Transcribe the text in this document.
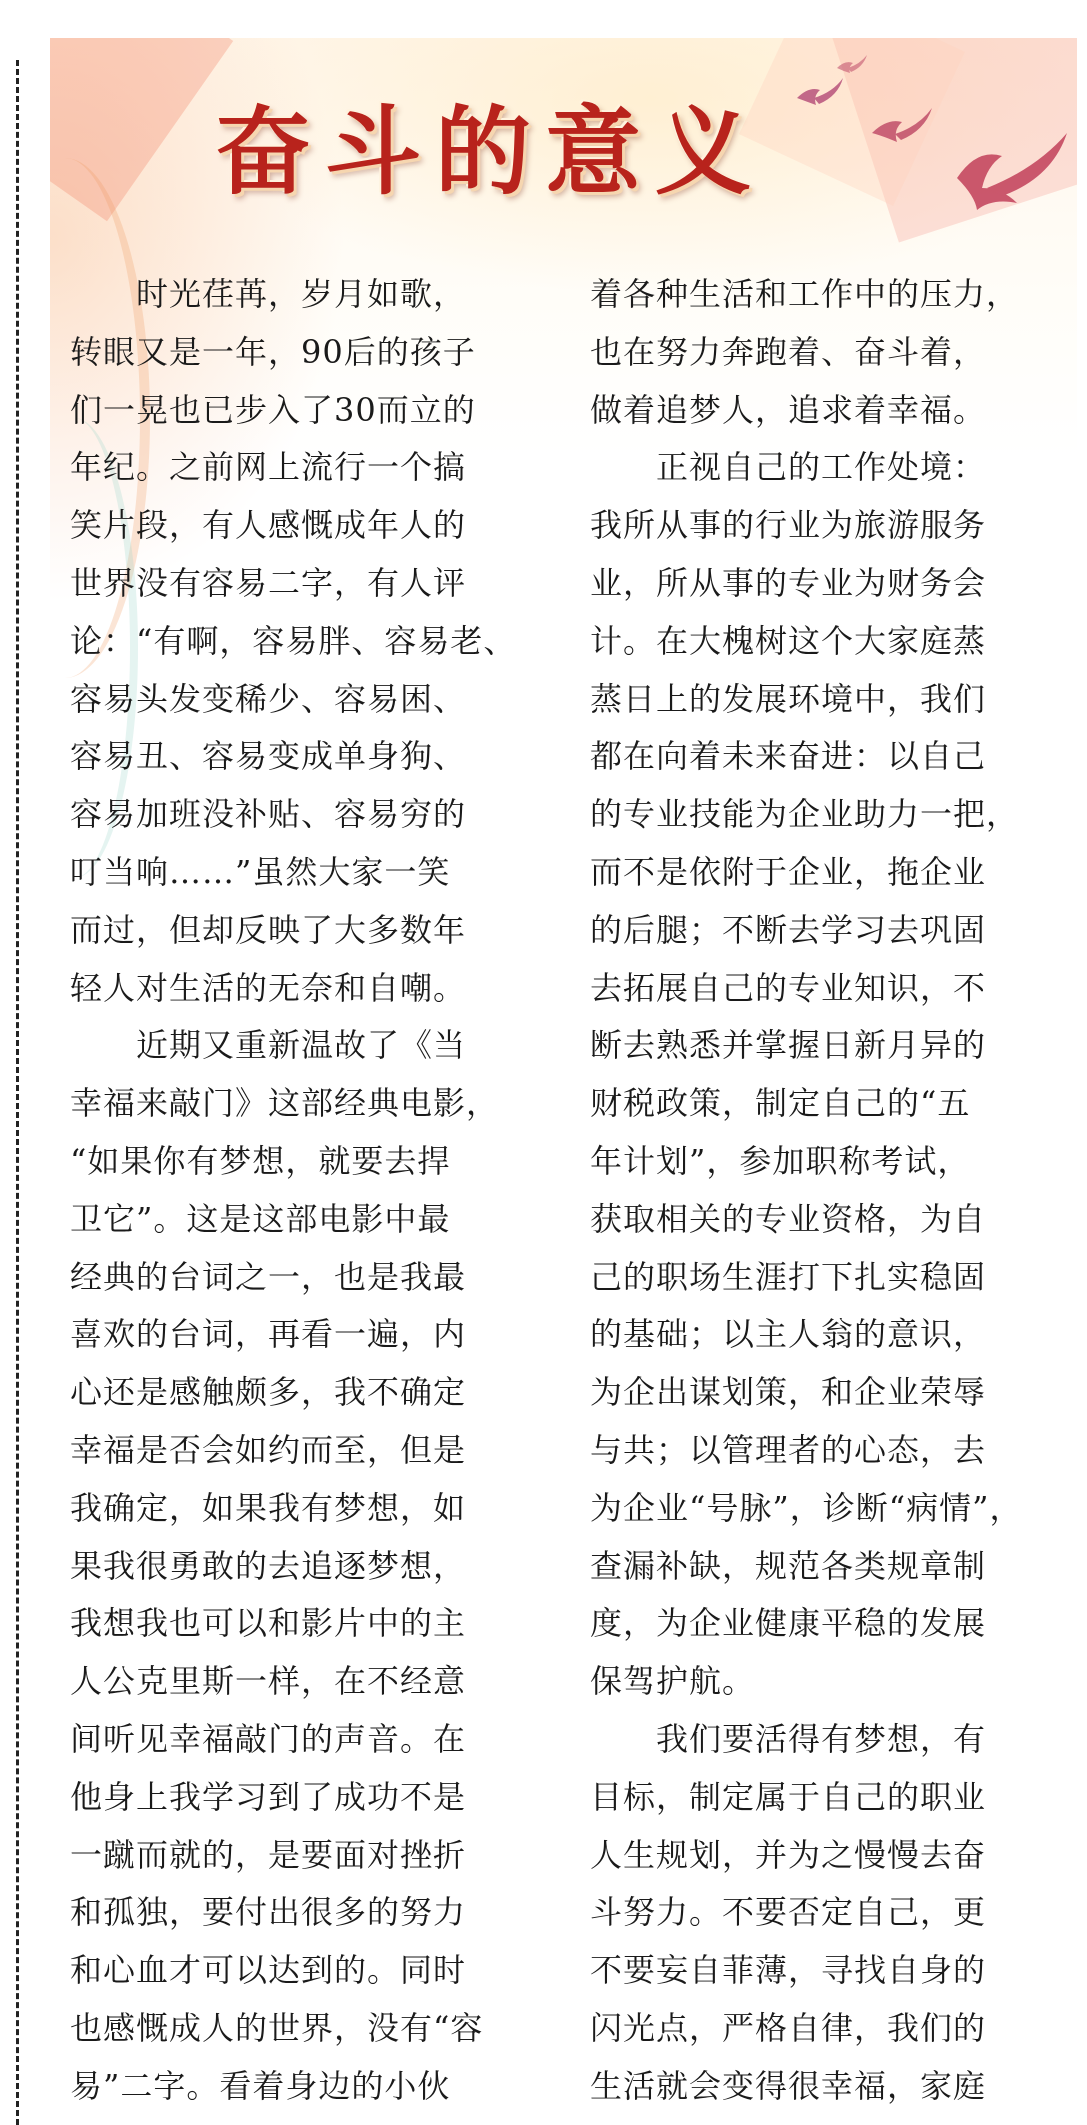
奋斗的意义
　　时光荏苒，岁月如歌，
转眼又是一年，90后的孩子
们一晃也已步入了30而立的
年纪。之前网上流行一个搞
笑片段，有人感慨成年人的
世界没有容易二字，有人评
论：“有啊，容易胖、容易老、
容易头发变稀少、容易困、
容易丑、容易变成单身狗、
容易加班没补贴、容易穷的
叮当响……”虽然大家一笑
而过，但却反映了大多数年
轻人对生活的无奈和自嘲。
　　近期又重新温故了《当
幸福来敲门》这部经典电影，
“如果你有梦想，就要去捍
卫它”。这是这部电影中最
经典的台词之一，也是我最
喜欢的台词，再看一遍，内
心还是感触颇多，我不确定
幸福是否会如约而至，但是
我确定，如果我有梦想，如
果我很勇敢的去追逐梦想，
我想我也可以和影片中的主
人公克里斯一样，在不经意
间听见幸福敲门的声音。在
他身上我学习到了成功不是
一蹴而就的，是要面对挫折
和孤独，要付出很多的努力
和心血才可以达到的。同时
也感慨成人的世界，没有“容
易”二字。看着身边的小伙
着各种生活和工作中的压力，
也在努力奔跑着、奋斗着，
做着追梦人，追求着幸福。
　　正视自己的工作处境：
我所从事的行业为旅游服务
业，所从事的专业为财务会
计。在大槐树这个大家庭蒸
蒸日上的发展环境中，我们
都在向着未来奋进：以自己
的专业技能为企业助力一把，
而不是依附于企业，拖企业
的后腿；不断去学习去巩固
去拓展自己的专业知识，不
断去熟悉并掌握日新月异的
财税政策，制定自己的“五
年计划”，参加职称考试，
获取相关的专业资格，为自
己的职场生涯打下扎实稳固
的基础；以主人翁的意识，
为企出谋划策，和企业荣辱
与共；以管理者的心态，去
为企业“号脉”，诊断“病情”，
查漏补缺，规范各类规章制
度，为企业健康平稳的发展
保驾护航。
　　我们要活得有梦想，有
目标，制定属于自己的职业
人生规划，并为之慢慢去奋
斗努力。不要否定自己，更
不要妄自菲薄，寻找自身的
闪光点，严格自律，我们的
生活就会变得很幸福，家庭
